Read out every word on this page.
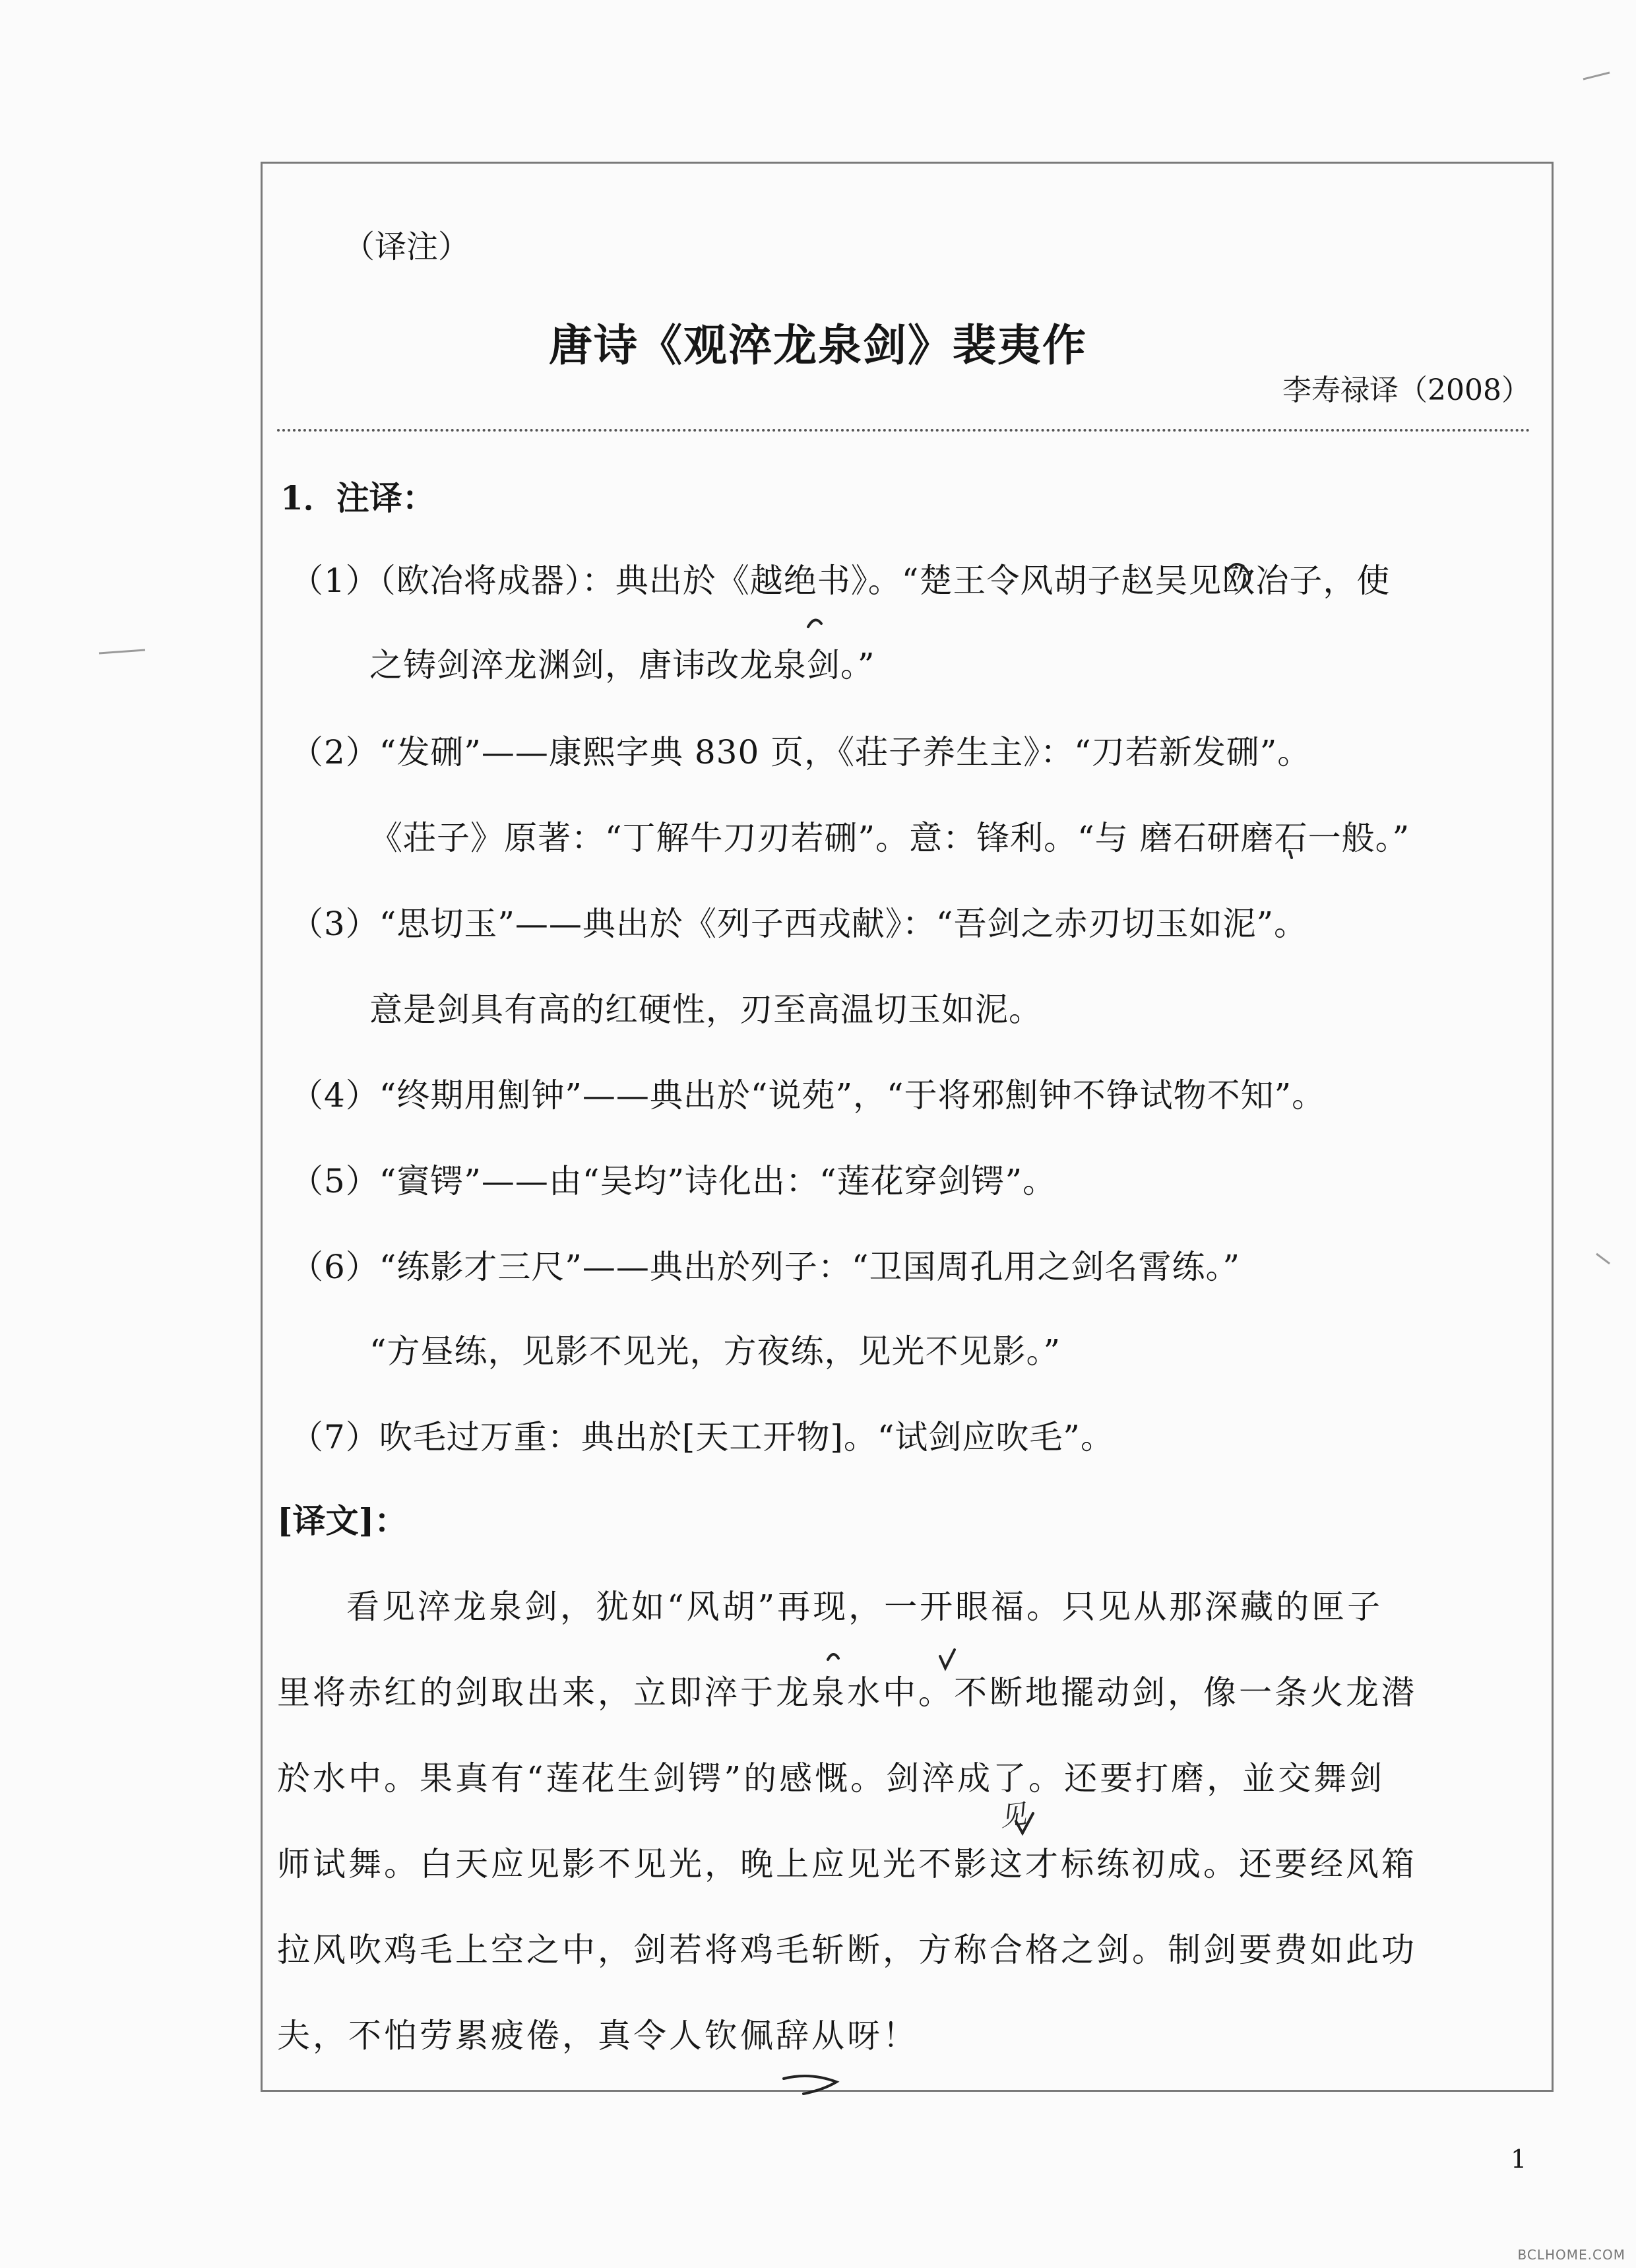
（译注）
唐诗《观淬龙泉剑》裴夷作
李寿禄译（2008）
1．注译：
（1）（欧冶将成器）：典出於《越绝书》。“楚王令风胡子赵吴见欧冶子，使
之铸剑淬龙渊剑，唐讳改龙泉剑。”
（2）“发硎”——康熙字典 830 页，《荘子养生主》：“刀若新发硎”。
《荘子》原著：“丁解牛刀刃若硎”。意：锋利。“与 磨石研磨石一般。”
（3）“思切玉”——典出於《列子西戎献》：“吾剑之赤刃切玉如泥”。
意是剑具有高的红硬性，刃至高温切玉如泥。
（4）“终期用劁钟”——典出於“说苑”，“于将邪劁钟不铮试物不知”。
（5）“賨锷”——由“吴均”诗化出：“莲花穿剑锷”。
（6）“练影才三尺”——典出於列子：“卫国周孔用之剑名霄练。”
“方昼练，见影不见光，方夜练，见光不见影。”
（7）吹毛过万重：典出於[天工开物]。“试剑应吹毛”。
[译文]：
看见淬龙泉剑，犹如“风胡”再现，一开眼福。只见从那深藏的匣子
里将赤红的剑取出来，立即淬于龙泉水中。不断地擺动剑，像一条火龙潜
於水中。果真有“莲花生剑锷”的感慨。剑淬成了。还要打磨，並交舞剑
师试舞。白天应见影不见光，晚上应见光不影这才标练初成。还要经风箱
拉风吹鸡毛上空之中，剑若将鸡毛斩断，方称合格之剑。制剑要费如此功
夫，不怕劳累疲倦，真令人钦佩辞从呀！
见
1
BCLHOME.COM
